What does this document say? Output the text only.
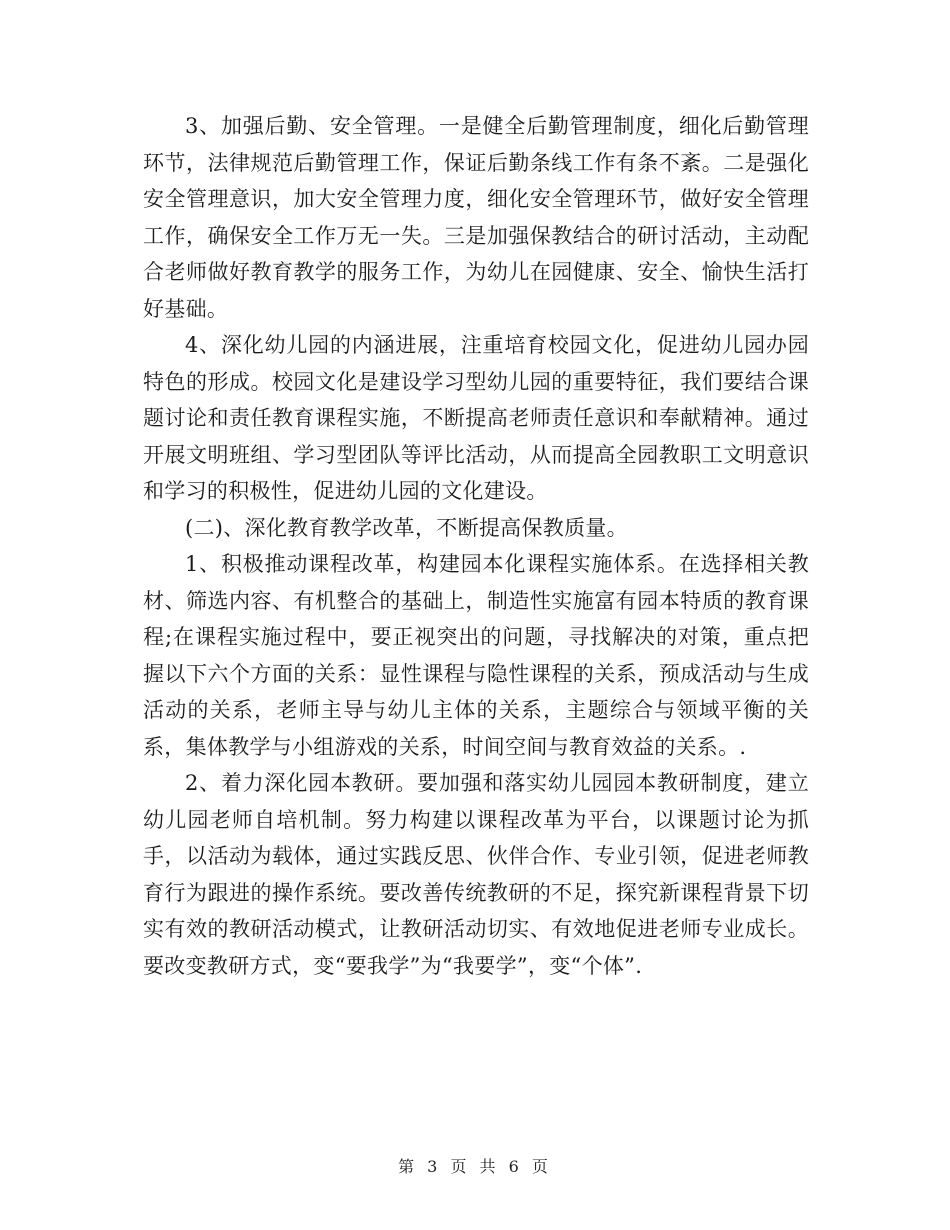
3、加强后勤、安全管理。一是健全后勤管理制度，细化后勤管理环节，法律规范后勤管理工作，保证后勤条线工作有条不紊。二是强化安全管理意识，加大安全管理力度，细化安全管理环节，做好安全管理工作，确保安全工作万无一失。三是加强保教结合的研讨活动，主动配合老师做好教育教学的服务工作，为幼儿在园健康、安全、愉快生活打好基础。

4、深化幼儿园的内涵进展，注重培育校园文化，促进幼儿园办园特色的形成。校园文化是建设学习型幼儿园的重要特征，我们要结合课题讨论和责任教育课程实施，不断提高老师责任意识和奉献精神。通过开展文明班组、学习型团队等评比活动，从而提高全园教职工文明意识和学习的积极性，促进幼儿园的文化建设。

(二)、深化教育教学改革，不断提高保教质量。

1、积极推动课程改革，构建园本化课程实施体系。在选择相关教材、筛选内容、有机整合的基础上，制造性实施富有园本特质的教育课程;在课程实施过程中，要正视突出的问题，寻找解决的对策，重点把握以下六个方面的关系：显性课程与隐性课程的关系，预成活动与生成活动的关系，老师主导与幼儿主体的关系，主题综合与领域平衡的关系，集体教学与小组游戏的关系，时间空间与教育效益的关系。.

2、着力深化园本教研。要加强和落实幼儿园园本教研制度，建立幼儿园老师自培机制。努力构建以课程改革为平台，以课题讨论为抓手，以活动为载体，通过实践反思、伙伴合作、专业引领，促进老师教育行为跟进的操作系统。要改善传统教研的不足，探究新课程背景下切实有效的教研活动模式，让教研活动切实、有效地促进老师专业成长。要改变教研方式，变“要我学”为“我要学”，变“个体”.

第 3 页 共 6 页
